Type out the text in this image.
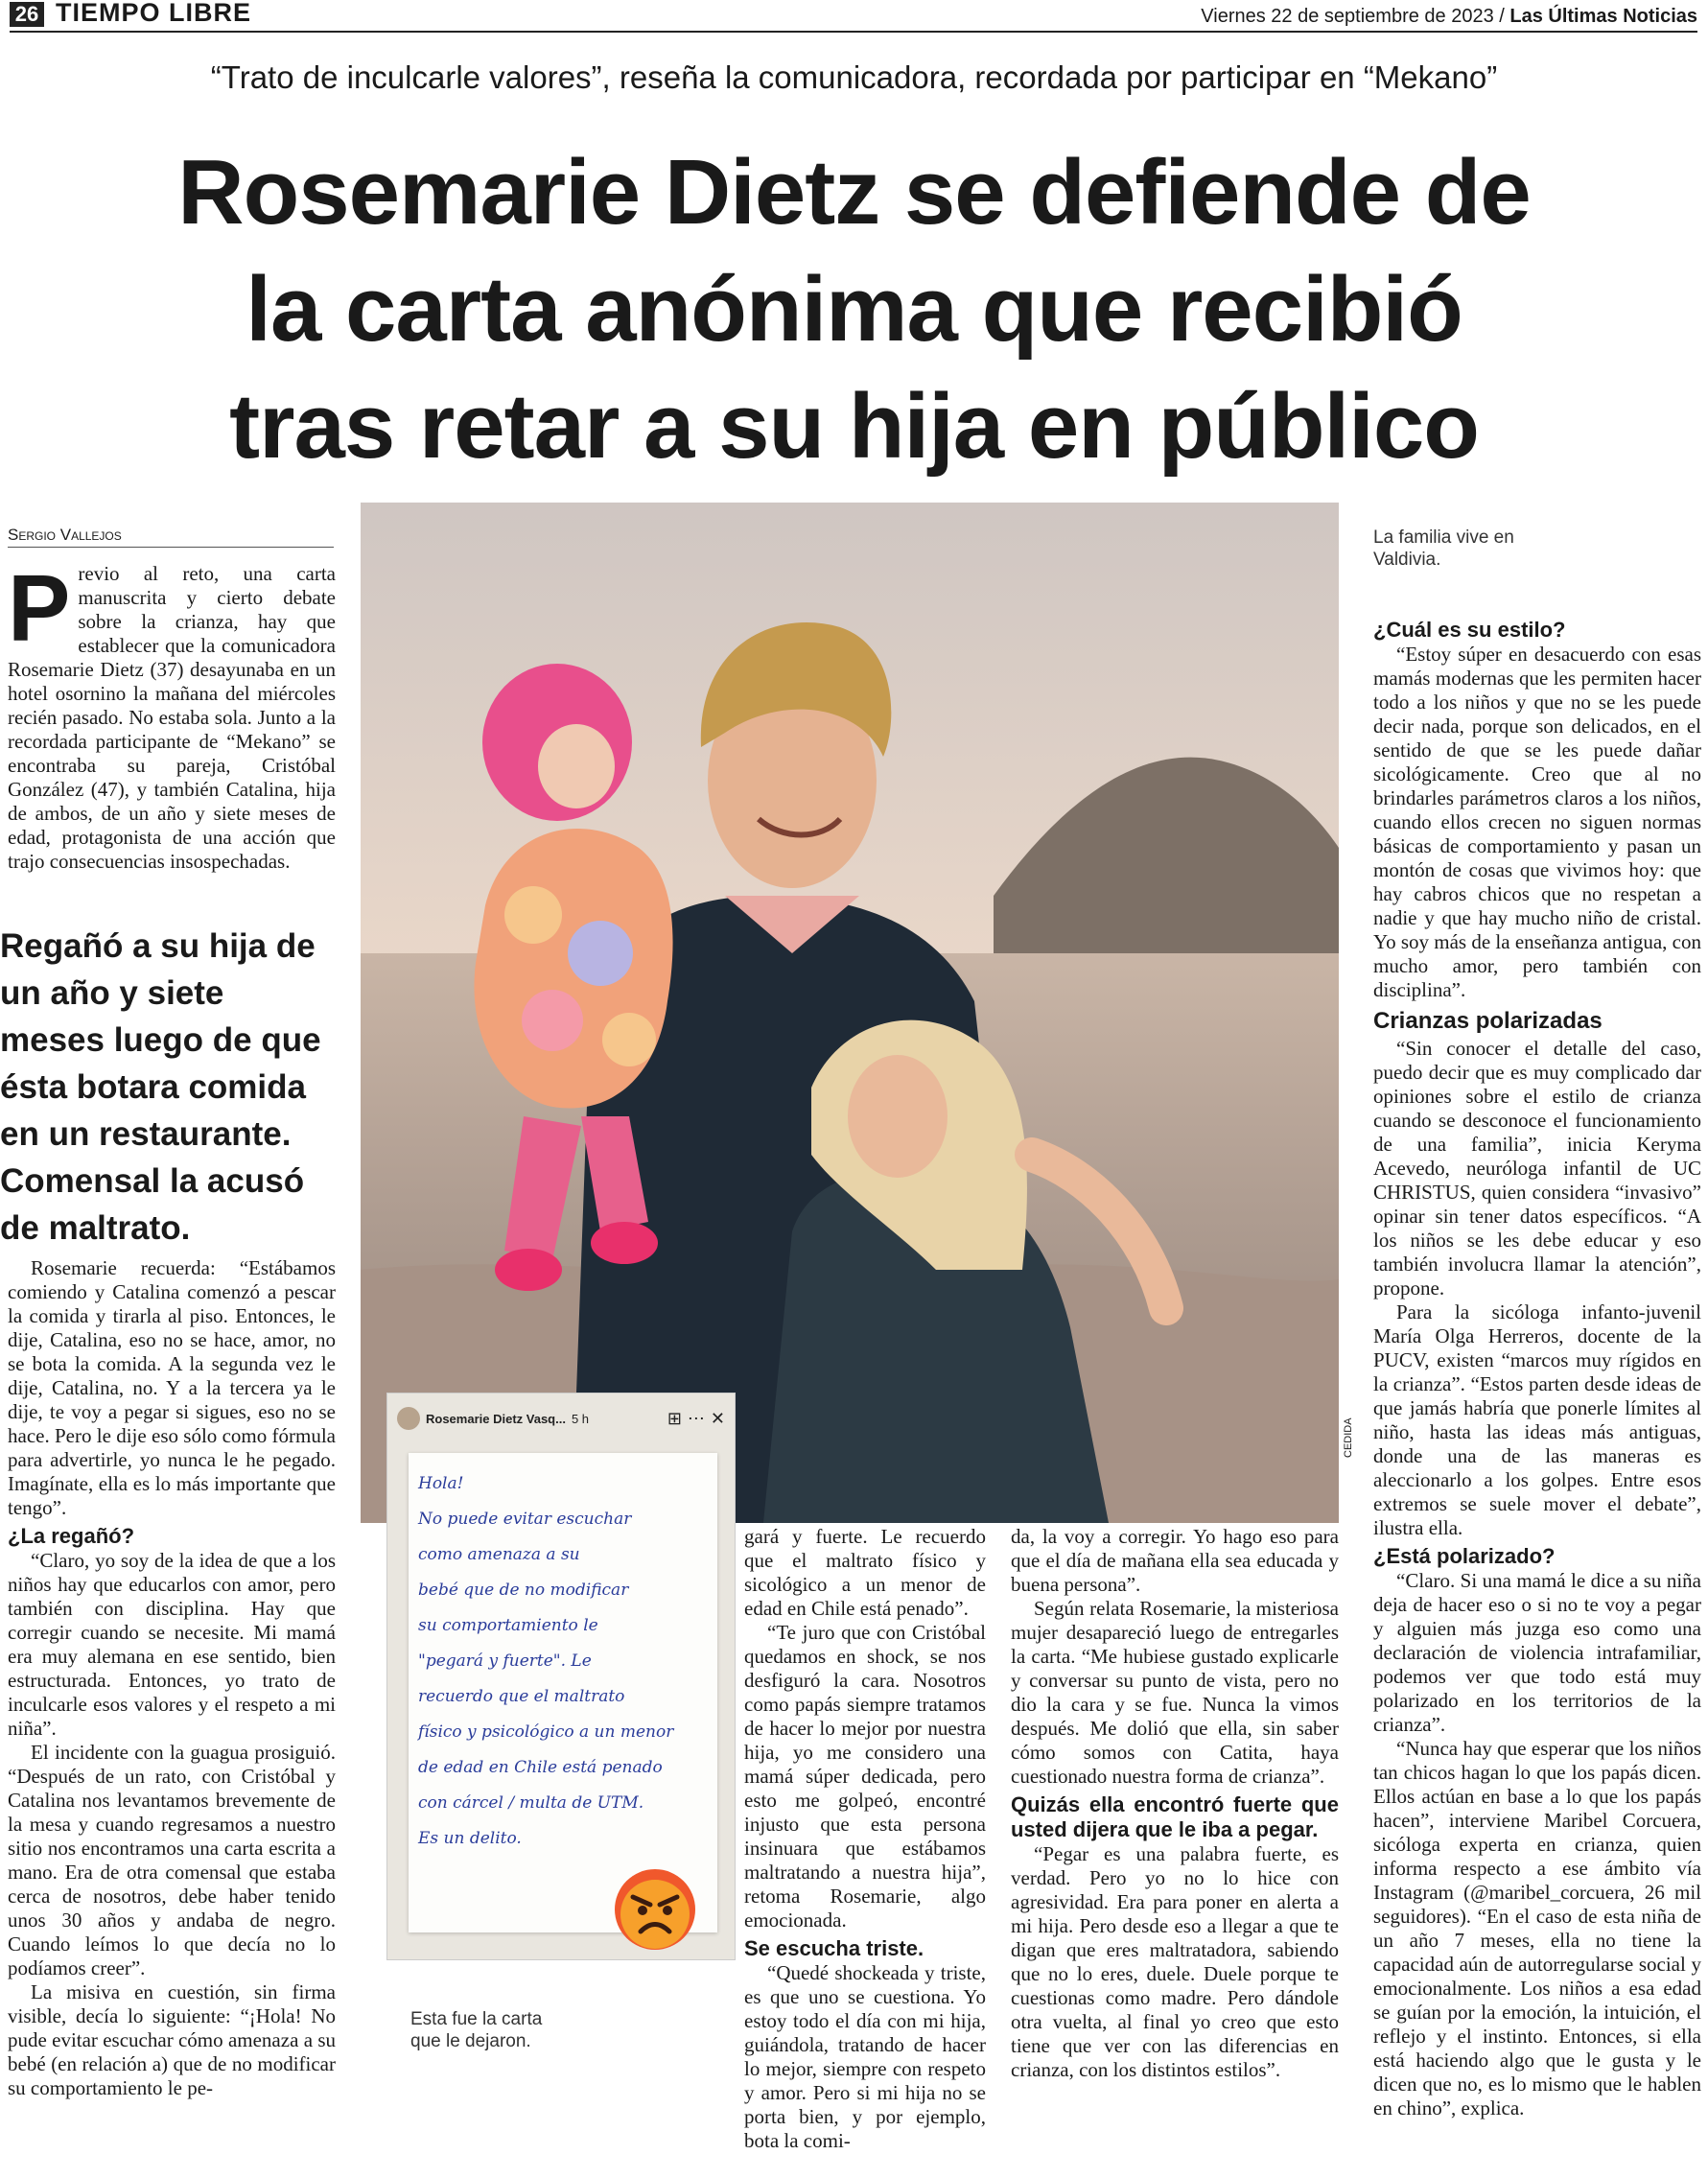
26 TIEMPO LIBRE	Viernes 22 de septiembre de 2023 / Las Últimas Noticias
“Trato de inculcarle valores”, reseña la comunicadora, recordada por participar en “Mekano”
Rosemarie Dietz se defiende de
la carta anónima que recibió
tras retar a su hija en público
Sergio Vallejos
P revio al reto, una carta manuscrita y cierto debate sobre la crianza, hay que establecer que la comunicadora Rosemarie Dietz (37) desayunaba en un hotel osornino la mañana del miércoles recién pasado. No estaba sola. Junto a la recordada participante de “Mekano” se encontraba su pareja, Cristóbal González (47), y también Catalina, hija de ambos, de un año y siete meses de edad, protagonista de una acción que trajo consecuencias insospechadas.

Regañó a su hija de un año y siete meses luego de que ésta botara comida en un restaurante. Comensal la acusó de maltrato.

Rosemarie recuerda: “Estábamos comiendo y Catalina comenzó a pescar la comida y tirarla al piso. Entonces, le dije, Catalina, eso no se hace, amor, no se bota la comida. A la segunda vez le dije, Catalina, no. Y a la tercera ya le dije, te voy a pegar si sigues, eso no se hace. Pero le dije eso sólo como fórmula para advertirle, yo nunca le he pegado. Imagínate, ella es lo más importante que tengo”.

¿La regañó?

“Claro, yo soy de la idea de que a los niños hay que educarlos con amor, pero también con disciplina. Hay que corregir cuando se necesite. Mi mamá era muy alemana en ese sentido, bien estructurada. Entonces, yo trato de inculcarle esos valores y el respeto a mi niña”.

El incidente con la guagua prosiguió. “Después de un rato, con Cristóbal y Catalina nos levantamos brevemente de la mesa y cuando regresamos a nuestro sitio nos encontramos una carta escrita a mano. Era de otra comensal que estaba cerca de nosotros, debe haber tenido unos 30 años y andaba de negro. Cuando leímos lo que decía no lo podíamos creer”.

La misiva en cuestión, sin firma visible, decía lo siguiente: “¡Hola! No pude evitar escuchar cómo amenaza a su bebé (en relación a) que de no modificar su comportamiento le pe-

CEDIDA
La familia vive en Valdivia.
Rosemarie Dietz Vasq... 5 h	⊞ ⋯ ✕
Hola!
No puede evitar escuchar
como amenaza a su
bebé que de no modificar
su comportamiento le
"pegará y fuerte". Le
recuerdo que el maltrato
físico y psicológico a un menor
de edad en Chile está penado
con cárcel / multa de UTM.
Es un delito.
Esta fue la carta que le dejaron.

gará y fuerte. Le recuerdo que el maltrato físico y sicológico a un menor de edad en Chile está penado”.

“Te juro que con Cristóbal quedamos en shock, se nos desfiguró la cara. Nosotros como papás siempre tratamos de hacer lo mejor por nuestra hija, yo me considero una mamá súper dedicada, pero esto me golpeó, encontré injusto que esta persona insinuara que estábamos maltratando a nuestra hija”, retoma Rosemarie, algo emocionada.

Se escucha triste.

“Quedé shockeada y triste, es que uno se cuestiona. Yo estoy todo el día con mi hija, guiándola, tratando de hacer lo mejor, siempre con respeto y amor. Pero si mi hija no se porta bien, y por ejemplo, bota la comi-

da, la voy a corregir. Yo hago eso para que el día de mañana ella sea educada y buena persona”.

Según relata Rosemarie, la misteriosa mujer desapareció luego de entregarles la carta. “Me hubiese gustado explicarle y conversar su punto de vista, pero no dio la cara y se fue. Nunca la vimos después. Me dolió que ella, sin saber cómo somos con Catita, haya cuestionado nuestra forma de crianza”.

Quizás ella encontró fuerte que usted dijera que le iba a pegar.

“Pegar es una palabra fuerte, es verdad. Pero yo no lo hice con agresividad. Era para poner en alerta a mi hija. Pero desde eso a llegar a que te digan que eres maltratadora, sabiendo que no lo eres, duele. Duele porque te cuestionas como madre. Pero dándole otra vuelta, al final yo creo que esto tiene que ver con las diferencias en crianza, con los distintos estilos”.

¿Cuál es su estilo?

“Estoy súper en desacuerdo con esas mamás modernas que les permiten hacer todo a los niños y que no se les puede decir nada, porque son delicados, en el sentido de que se les puede dañar sicológicamente. Creo que al no brindarles parámetros claros a los niños, cuando ellos crecen no siguen normas básicas de comportamiento y pasan un montón de cosas que vivimos hoy: que hay cabros chicos que no respetan a nadie y que hay mucho niño de cristal. Yo soy más de la enseñanza antigua, con mucho amor, pero también con disciplina”.

Crianzas polarizadas

“Sin conocer el detalle del caso, puedo decir que es muy complicado dar opiniones sobre el estilo de crianza cuando se desconoce el funcionamiento de una familia”, inicia Keryma Acevedo, neuróloga infantil de UC CHRISTUS, quien considera “invasivo” opinar sin tener datos específicos. “A los niños se les debe educar y eso también involucra llamar la atención”, propone.

Para la sicóloga infanto-juvenil María Olga Herreros, docente de la PUCV, existen “marcos muy rígidos en la crianza”. “Estos parten desde ideas de que jamás habría que ponerle límites al niño, hasta las ideas más antiguas, donde una de las maneras es aleccionarlo a los golpes. Entre esos extremos se suele mover el debate”, ilustra ella.

¿Está polarizado?

“Claro. Si una mamá le dice a su niña deja de hacer eso o si no te voy a pegar y alguien más juzga eso como una declaración de violencia intrafamiliar, podemos ver que todo está muy polarizado en los territorios de la crianza”.

“Nunca hay que esperar que los niños tan chicos hagan lo que los papás dicen. Ellos actúan en base a lo que los papás hacen”, interviene Maribel Corcuera, sicóloga experta en crianza, quien informa respecto a ese ámbito vía Instagram (@maribel_corcuera, 26 mil seguidores). “En el caso de esta niña de un año 7 meses, ella no tiene la capacidad aún de autorregularse social y emocionalmente. Los niños a esa edad se guían por la emoción, la intuición, el reflejo y el instinto. Entonces, si ella está haciendo algo que le gusta y le dicen que no, es lo mismo que le hablen en chino”, explica.
